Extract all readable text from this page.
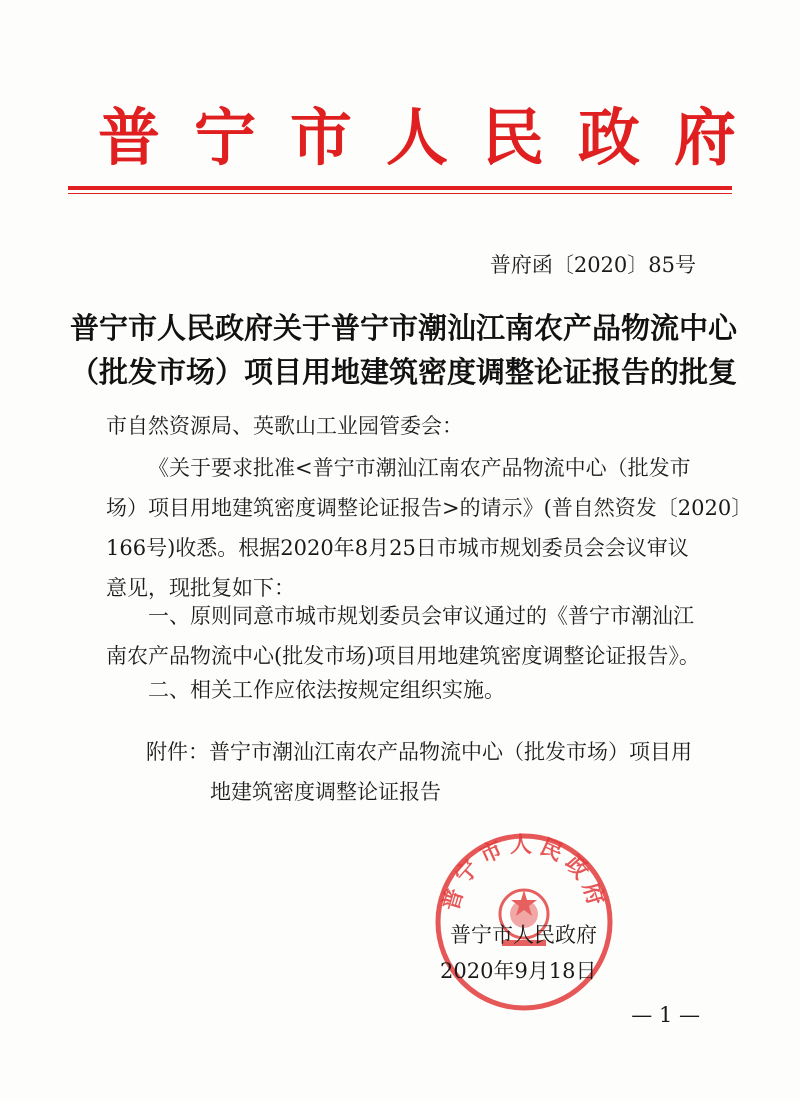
普宁市人民政府
普府函〔2020〕85号
普宁市人民政府关于普宁市潮汕江南农产品物流中心
（批发市场）项目用地建筑密度调整论证报告的批复
市自然资源局、英歌山工业园管委会：
《关于要求批准<普宁市潮汕江南农产品物流中心（批发市
场）项目用地建筑密度调整论证报告>的请示》(普自然资发〔2020〕
166号)收悉。根据2020年8月25日市城市规划委员会会议审议
意见，现批复如下：
一、原则同意市城市规划委员会审议通过的《普宁市潮汕江
南农产品物流中心(批发市场)项目用地建筑密度调整论证报告》。
二、相关工作应依法按规定组织实施。
附件：普宁市潮汕江南农产品物流中心（批发市场）项目用
地建筑密度调整论证报告
普宁市人民政府
普宁市人民政府
2020年9月18日
— 1 —
